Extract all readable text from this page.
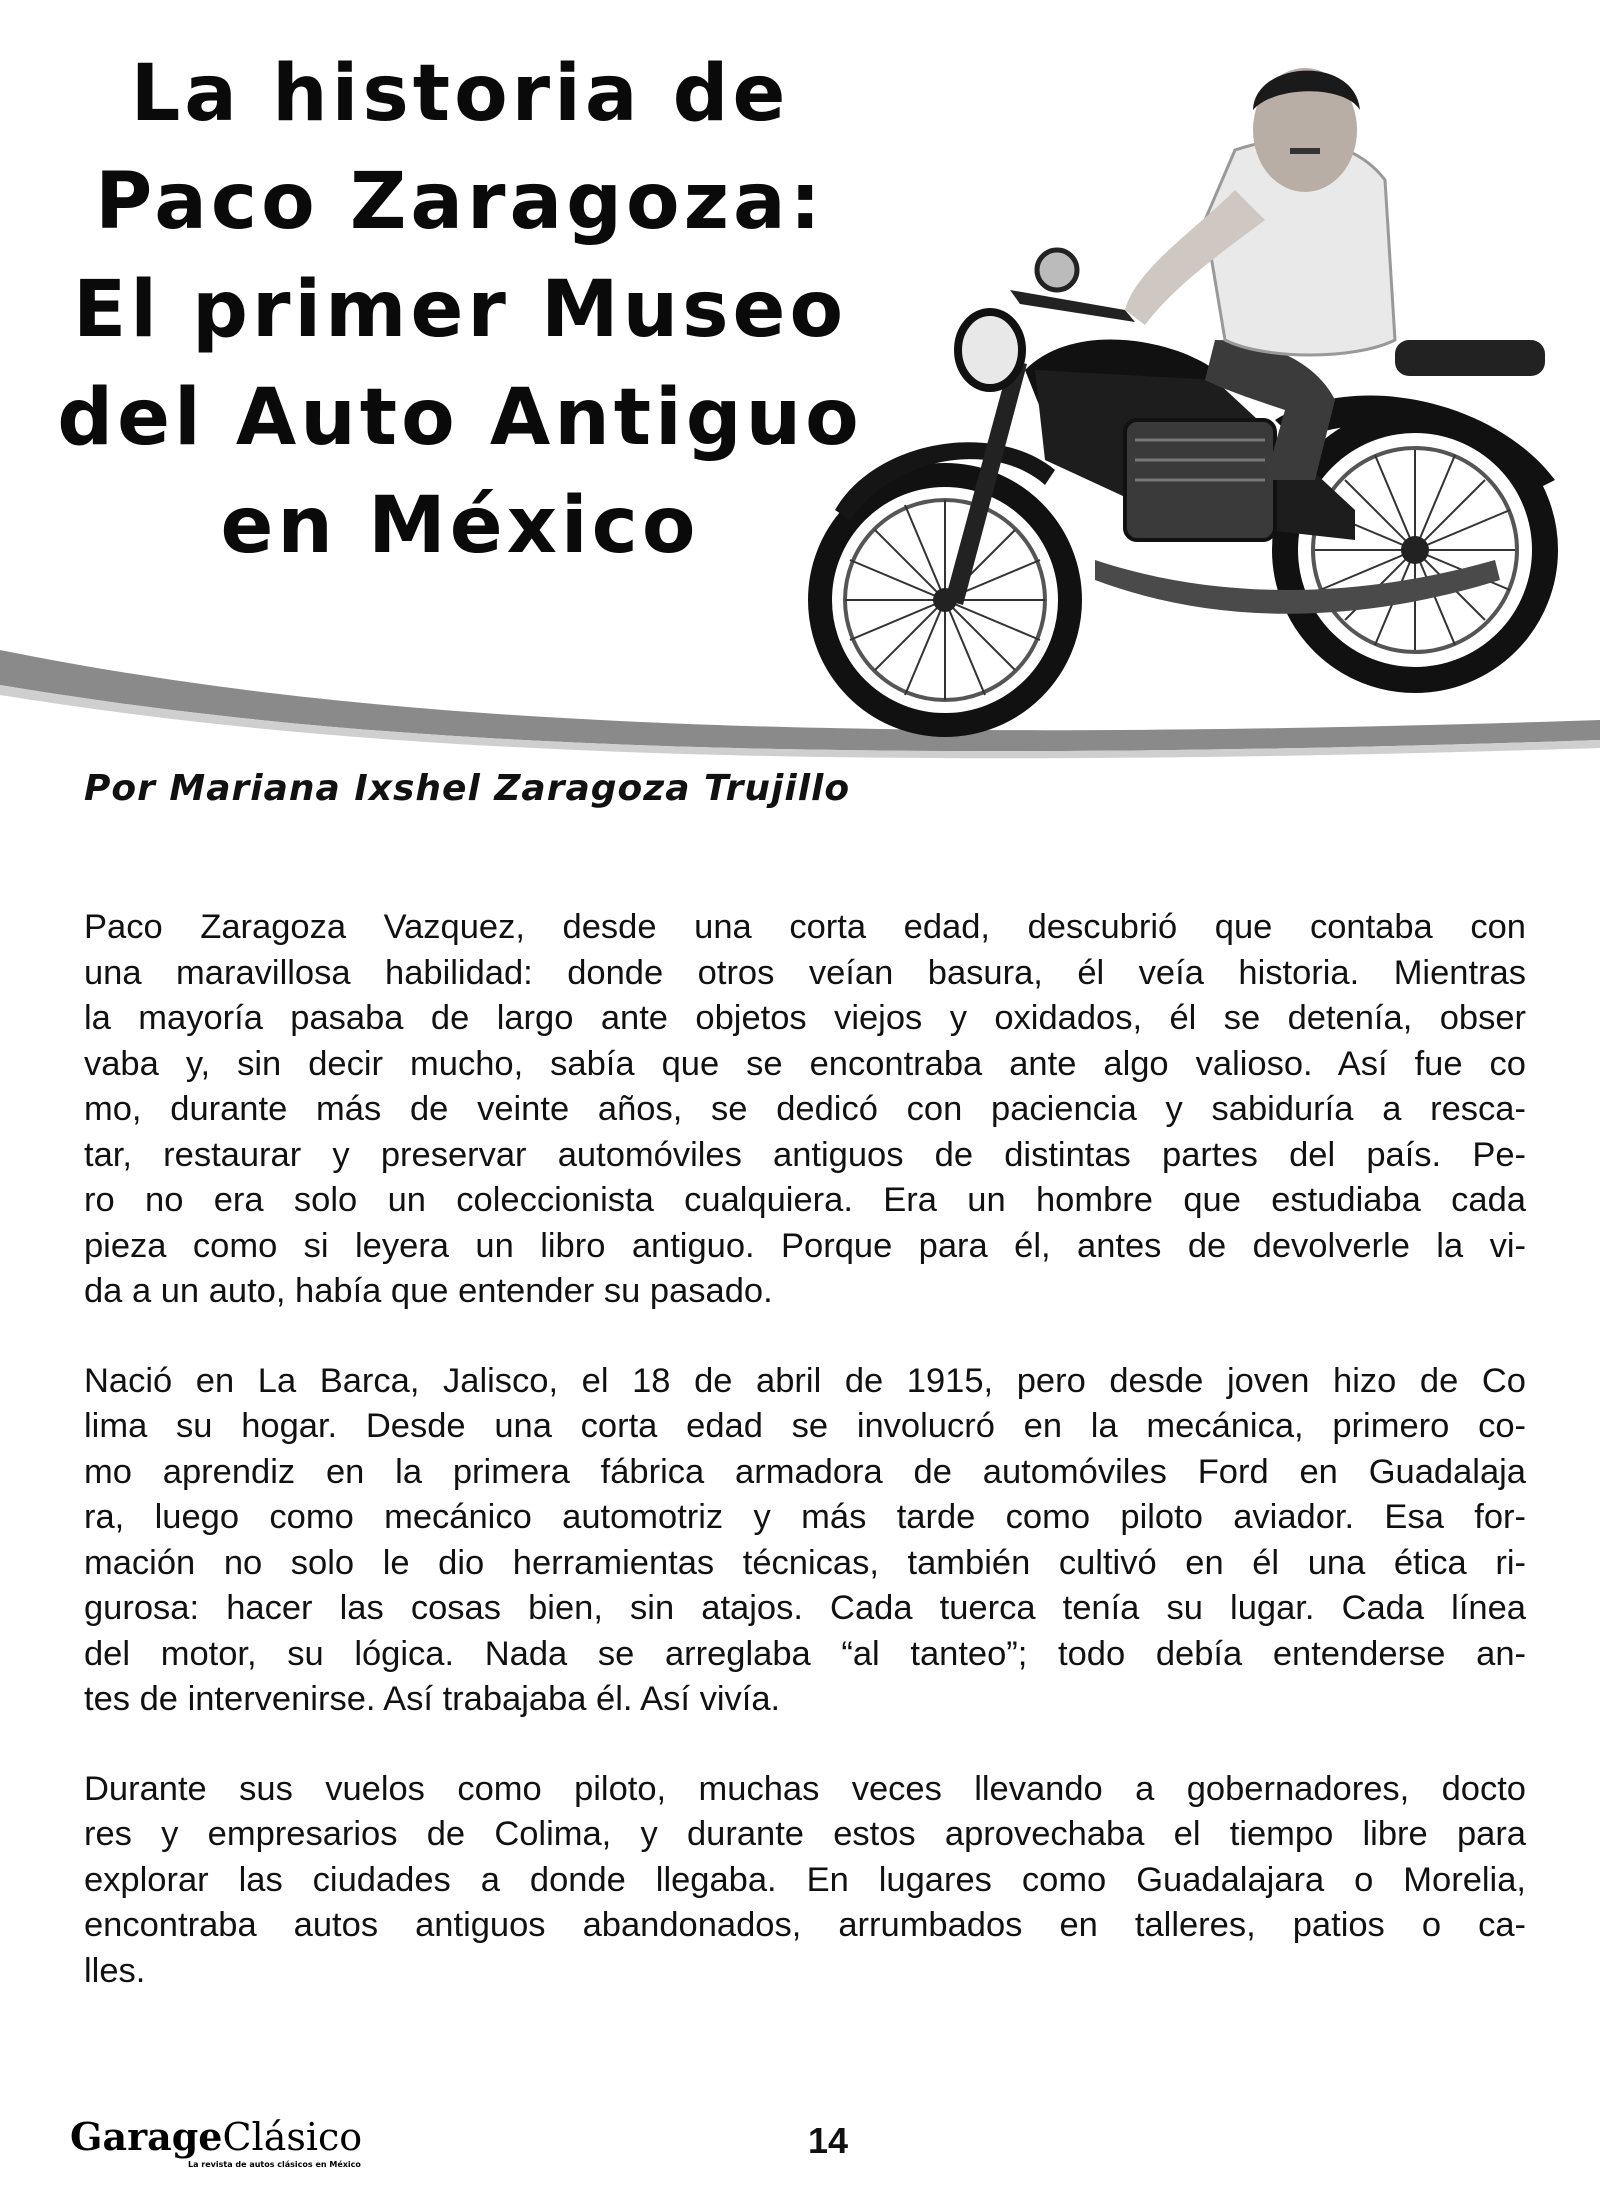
La historia de
Paco Zaragoza:
El primer Museo
del Auto Antiguo
en México
Por Mariana Ixshel Zaragoza Trujillo
Paco Zaragoza Vazquez, desde una corta edad, descubrió que contaba con
una maravillosa habilidad: donde otros veían basura, él veía historia. Mientras
la mayoría pasaba de largo ante objetos viejos y oxidados, él se detenía, obser
vaba y, sin decir mucho, sabía que se encontraba ante algo valioso. Así fue co
mo, durante más de veinte años, se dedicó con paciencia y sabiduría a resca-
tar, restaurar y preservar automóviles antiguos de distintas partes del país. Pe-
ro no era solo un coleccionista cualquiera. Era un hombre que estudiaba cada
pieza como si leyera un libro antiguo. Porque para él, antes de devolverle la vi-
da a un auto, había que entender su pasado.
Nació en La Barca, Jalisco, el 18 de abril de 1915, pero desde joven hizo de Co
lima su hogar. Desde una corta edad se involucró en la mecánica, primero co-
mo aprendiz en la primera fábrica armadora de automóviles Ford en Guadalaja
ra, luego como mecánico automotriz y más tarde como piloto aviador. Esa for-
mación no solo le dio herramientas técnicas, también cultivó en él una ética ri-
gurosa: hacer las cosas bien, sin atajos. Cada tuerca tenía su lugar. Cada línea
del motor, su lógica. Nada se arreglaba “al tanteo”; todo debía entenderse an-
tes de intervenirse. Así trabajaba él. Así vivía.
Durante sus vuelos como piloto, muchas veces llevando a gobernadores, docto
res y empresarios de Colima, y durante estos aprovechaba el tiempo libre para
explorar las ciudades a donde llegaba. En lugares como Guadalajara o Morelia,
encontraba autos antiguos abandonados, arrumbados en talleres, patios o ca-
lles.
GarageClásico
La revista de autos clásicos en México
14
